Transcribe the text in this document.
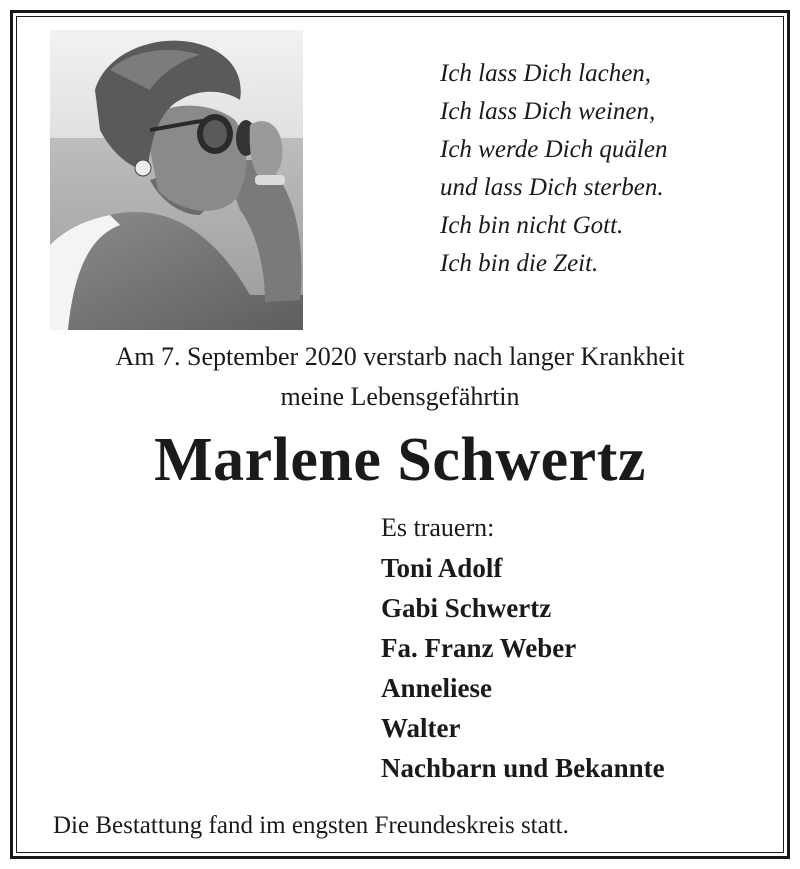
Ich lass Dich lachen,
Ich lass Dich weinen,
Ich werde Dich quälen
und lass Dich sterben.
Ich bin nicht Gott.
Ich bin die Zeit.
Am 7. September 2020 verstarb nach langer Krankheit
meine Lebensgefährtin
Marlene Schwertz
Es trauern:
Toni Adolf
Gabi Schwertz
Fa. Franz Weber
Anneliese
Walter
Nachbarn und Bekannte
Die Bestattung fand im engsten Freundeskreis statt.
